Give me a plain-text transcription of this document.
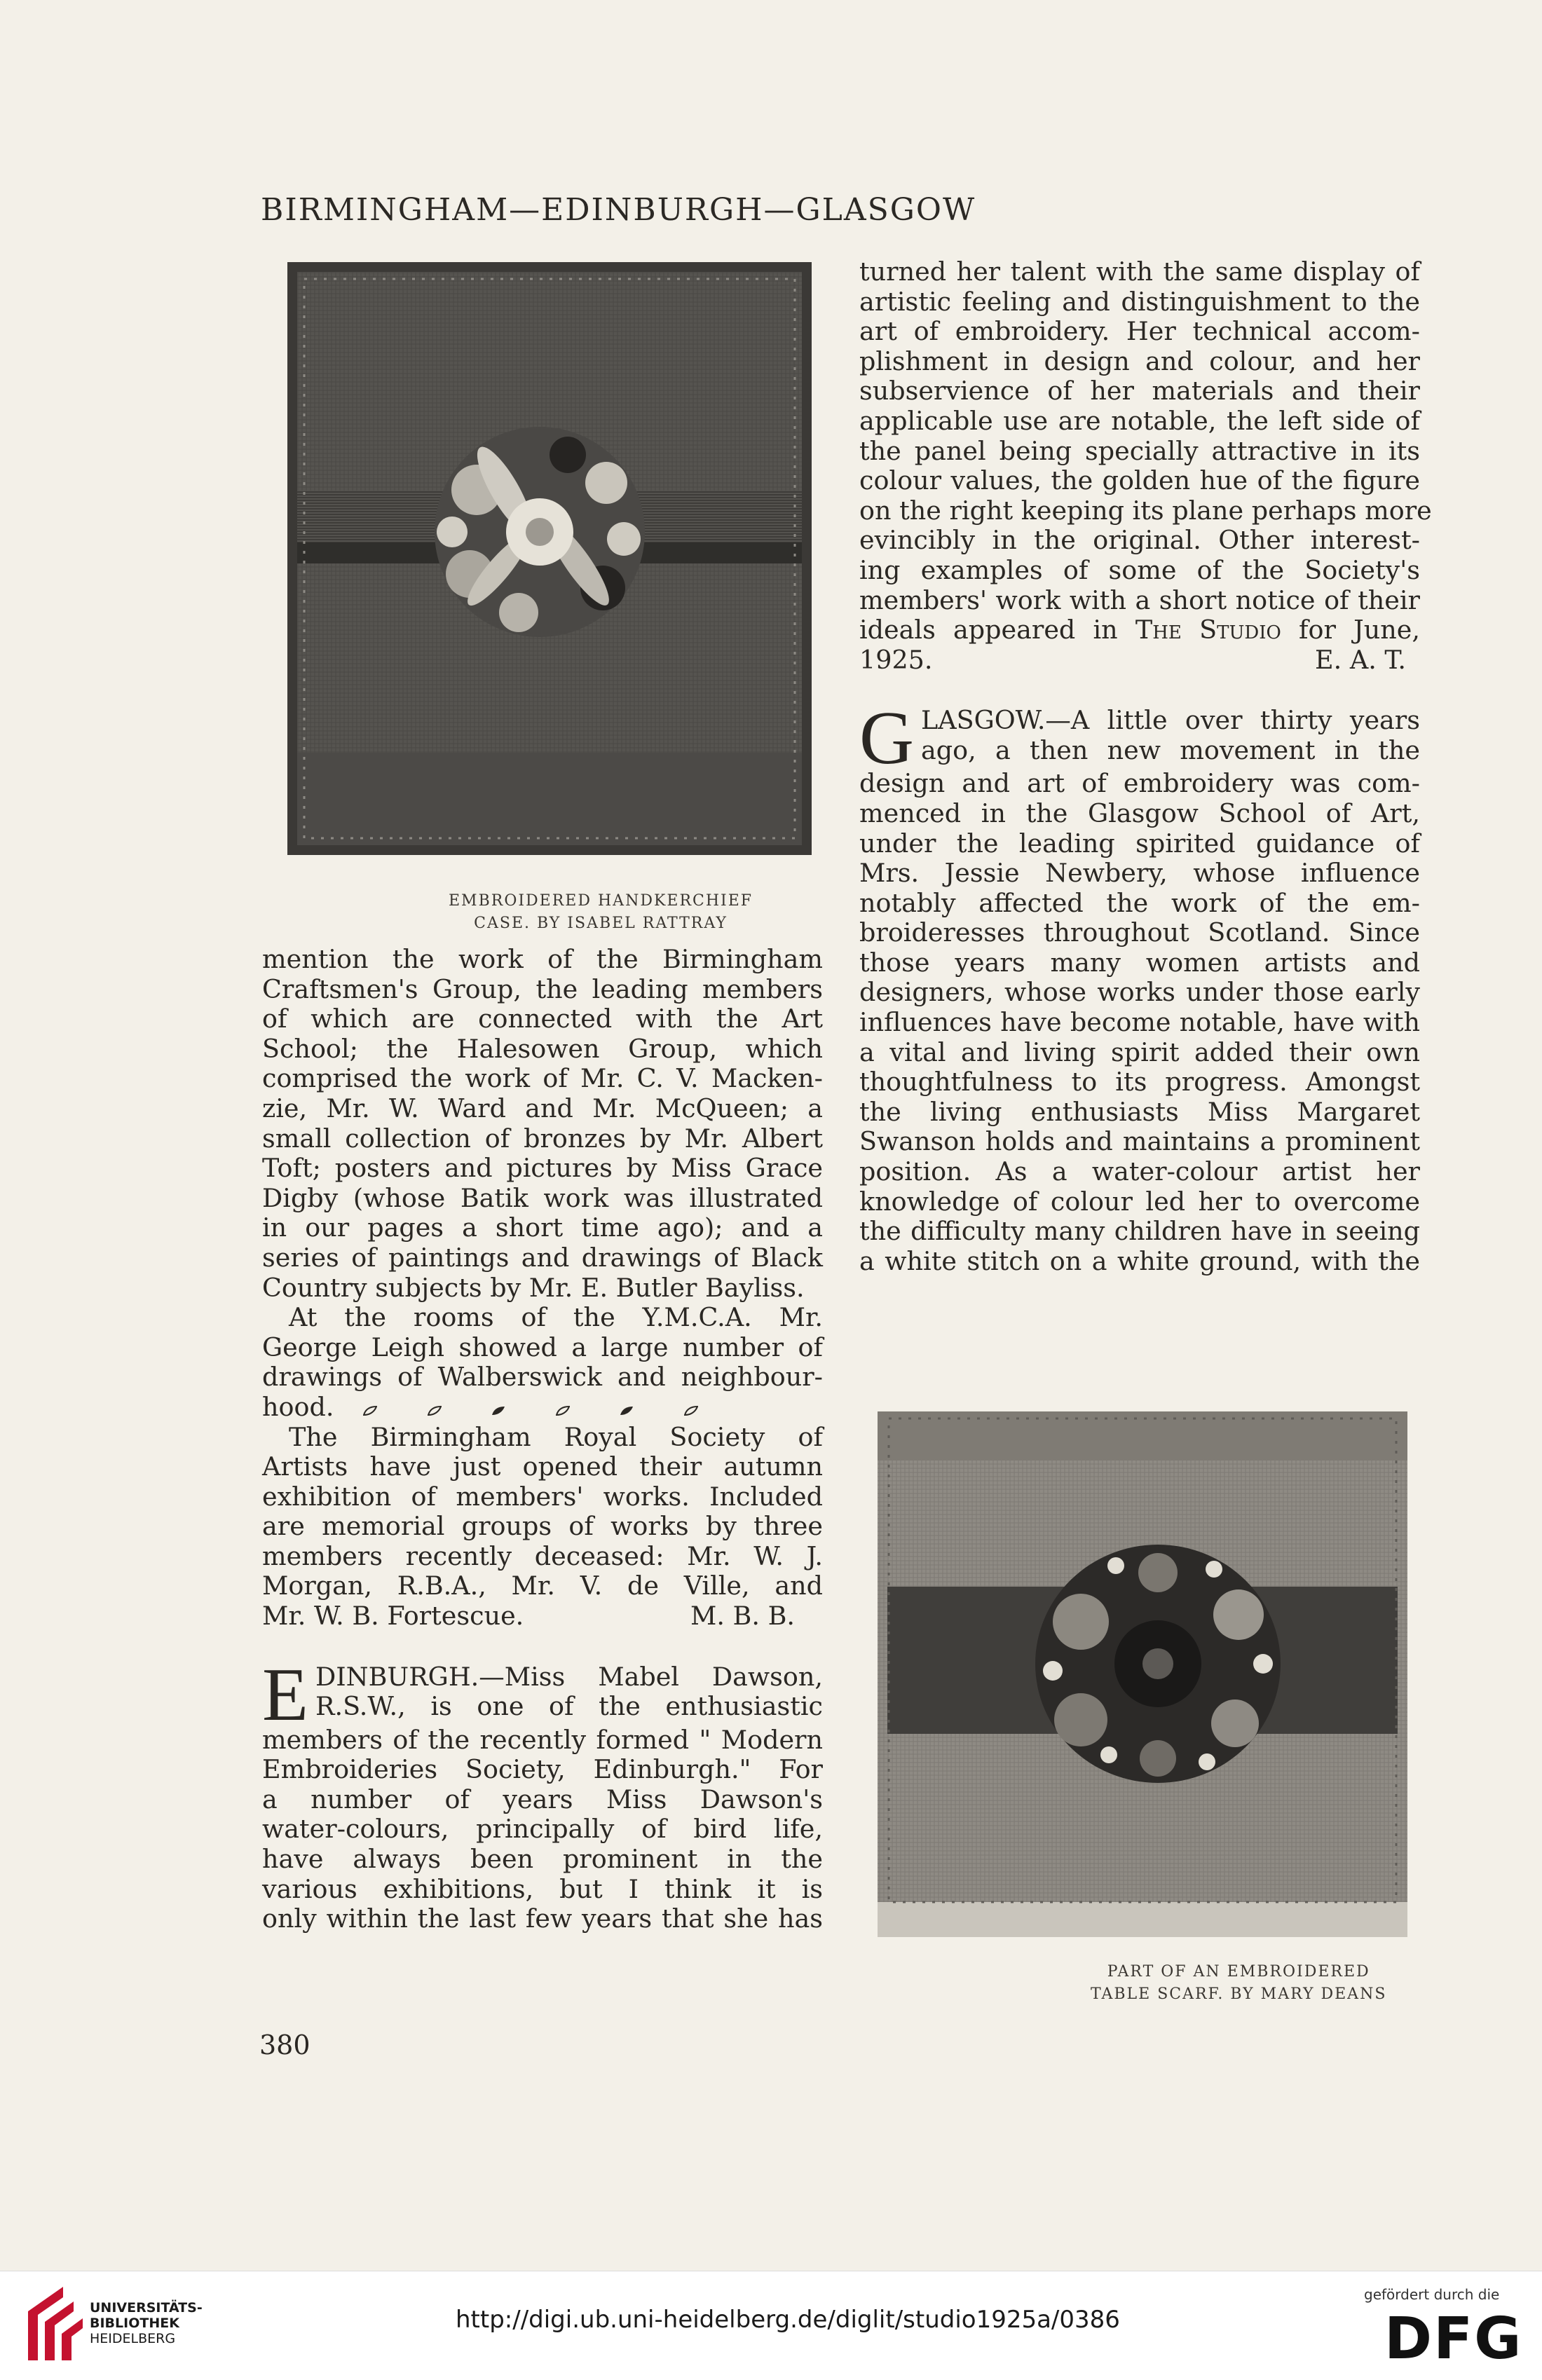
BIRMINGHAM—EDINBURGH—GLASGOW
EMBROIDERED HANDKERCHIEF
CASE. BY ISABEL RATTRAY
PART OF AN EMBROIDERED
TABLE SCARF. BY MARY DEANS
mention the work of the Birmingham
Craftsmen's Group, the leading members
of which are connected with the Art
School; the Halesowen Group, which
comprised the work of Mr. C. V. Macken-
zie, Mr. W. Ward and Mr. McQueen; a
small collection of bronzes by Mr. Albert
Toft; posters and pictures by Miss Grace
Digby (whose Batik work was illustrated
in our pages a short time ago); and a
series of paintings and drawings of Black
Country subjects by Mr. E. Butler Bayliss.
At the rooms of the Y.M.C.A. Mr.
George Leigh showed a large number of
drawings of Walberswick and neighbour-
hood.
The Birmingham Royal Society of
Artists have just opened their autumn
exhibition of members' works. Included
are memorial groups of works by three
members recently deceased: Mr. W. J.
Morgan, R.B.A., Mr. V. de Ville, and
Mr. W. B. Fortescue.	M. B. B.
E DINBURGH.—Miss Mabel Dawson,
R.S.W., is one of the enthusiastic
members of the recently formed " Modern
Embroideries Society, Edinburgh." For
a number of years Miss Dawson's
water-colours, principally of bird life,
have always been prominent in the
various exhibitions, but I think it is
only within the last few years that she has
turned her talent with the same display of
artistic feeling and distinguishment to the
art of embroidery. Her technical accom-
plishment in design and colour, and her
subservience of her materials and their
applicable use are notable, the left side of
the panel being specially attractive in its
colour values, the golden hue of the figure
on the right keeping its plane perhaps more
evincibly in the original. Other interest-
ing examples of some of the Society's
members' work with a short notice of their
ideals appeared in The Studio for June,
1925.	E. A. T.
G LASGOW.—A little over thirty years
ago, a then new movement in the
design and art of embroidery was com-
menced in the Glasgow School of Art,
under the leading spirited guidance of
Mrs. Jessie Newbery, whose influence
notably affected the work of the em-
broideresses throughout Scotland. Since
those years many women artists and
designers, whose works under those early
influences have become notable, have with
a vital and living spirit added their own
thoughtfulness to its progress. Amongst
the living enthusiasts Miss Margaret
Swanson holds and maintains a prominent
position. As a water-colour artist her
knowledge of colour led her to overcome
the difficulty many children have in seeing
a white stitch on a white ground, with the
380
UNIVERSITÄTS-
BIBLIOTHEK
HEIDELBERG
http://digi.ub.uni-heidelberg.de/diglit/studio1925a/0386
gefördert durch die
DFG
